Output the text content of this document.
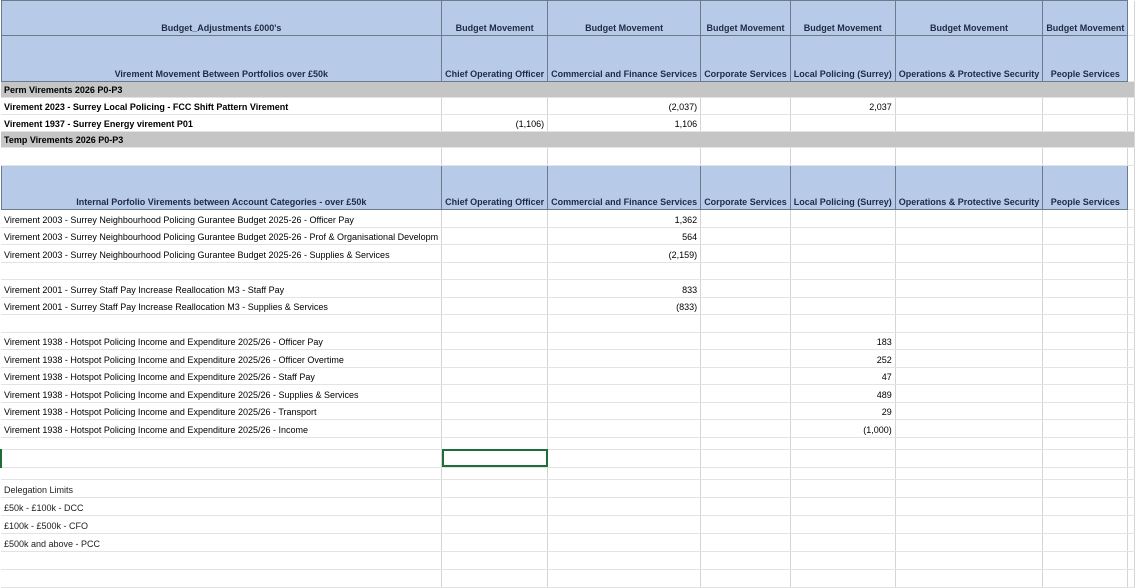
Budget_Adjustments £000's	Budget Movement	Budget Movement	Budget Movement	Budget Movement	Budget Movement	Budget Movement	
Virement Movement Between Portfolios over £50k	Chief Operating Officer	Commercial and Finance Services	Corporate Services	Local Policing (Surrey)	Operations & Protective Security	People Services	
Perm Virements 2026 P0-P3							
Virement 2023 - Surrey Local Policing - FCC Shift Pattern Virement		(2,037)		2,037			
Virement 1937 - Surrey Energy virement P01	(1,106)	1,106					
Temp Virements 2026 P0-P3							

Internal Porfolio Virements between Account Categories - over £50k	Chief Operating Officer	Commercial and Finance Services	Corporate Services	Local Policing (Surrey)	Operations & Protective Security	People Services	
Virement 2003 - Surrey Neighbourhood Policing Gurantee Budget 2025-26 - Officer Pay		1,362					
Virement 2003 - Surrey Neighbourhood Policing Gurantee Budget 2025-26 - Prof & Organisational Developm		564					
Virement 2003 - Surrey Neighbourhood Policing Gurantee Budget 2025-26 - Supplies & Services		(2,159)					

Virement 2001 - Surrey Staff Pay Increase Reallocation M3 - Staff Pay		833					
Virement 2001 - Surrey Staff Pay Increase Reallocation M3 - Supplies & Services		(833)					

Virement 1938 - Hotspot Policing Income and Expenditure 2025/26 - Officer Pay				183			
Virement 1938 - Hotspot Policing Income and Expenditure 2025/26 - Officer Overtime				252			
Virement 1938 - Hotspot Policing Income and Expenditure 2025/26 - Staff Pay				47			
Virement 1938 - Hotspot Policing Income and Expenditure 2025/26 - Supplies & Services				489			
Virement 1938 - Hotspot Policing Income and Expenditure 2025/26 - Transport				29			
Virement 1938 - Hotspot Policing Income and Expenditure 2025/26 - Income				(1,000)			

Delegation Limits							
£50k - £100k - DCC							
£100k - £500k - CFO							
£500k and above - PCC							
